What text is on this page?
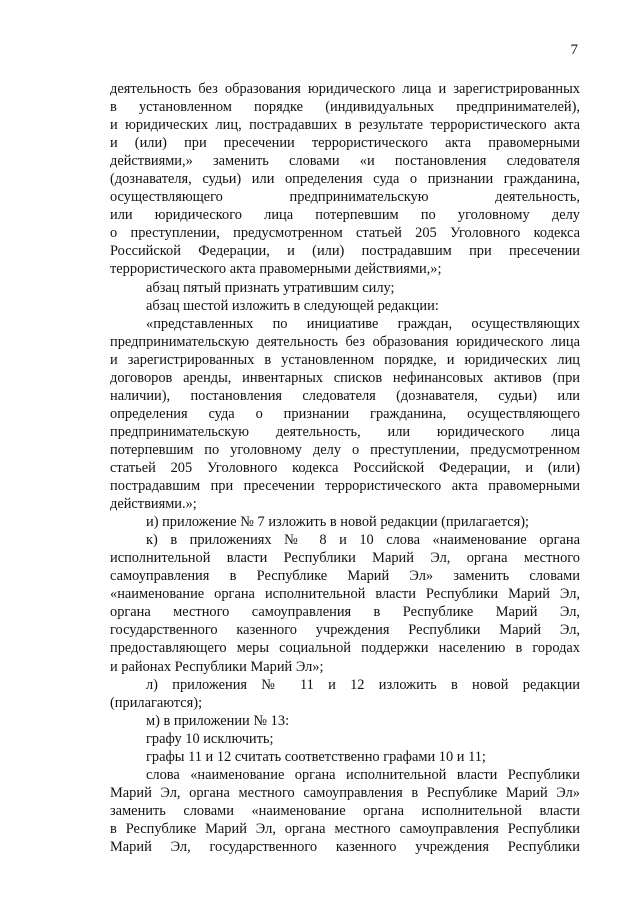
7
деятельность без образования юридического лица и зарегистрированных
в установленном порядке (индивидуальных предпринимателей),
и юридических лиц, пострадавших в результате террористического акта
и (или) при пресечении террористического акта правомерными
действиями,» заменить словами «и постановления следователя
(дознавателя, судьи) или определения суда о признании гражданина,
осуществляющего предпринимательскую деятельность,
или юридического лица потерпевшим по уголовному делу
о преступлении, предусмотренном статьей 205 Уголовного кодекса
Российской Федерации, и (или) пострадавшим при пресечении
террористического акта правомерными действиями,»;
абзац пятый признать утратившим силу;
абзац шестой изложить в следующей редакции:
«представленных по инициативе граждан, осуществляющих
предпринимательскую деятельность без образования юридического лица
и зарегистрированных в установленном порядке, и юридических лиц
договоров аренды, инвентарных списков нефинансовых активов (при
наличии), постановления следователя (дознавателя, судьи) или
определения суда о признании гражданина, осуществляющего
предпринимательскую деятельность, или юридического лица
потерпевшим по уголовному делу о преступлении, предусмотренном
статьей 205 Уголовного кодекса Российской Федерации, и (или)
пострадавшим при пресечении террористического акта правомерными
действиями.»;
и) приложение № 7 изложить в новой редакции (прилагается);
к) в приложениях № 8 и 10 слова «наименование органа
исполнительной власти Республики Марий Эл, органа местного
самоуправления в Республике Марий Эл» заменить словами
«наименование органа исполнительной власти Республики Марий Эл,
органа местного самоуправления в Республике Марий Эл,
государственного казенного учреждения Республики Марий Эл,
предоставляющего меры социальной поддержки населению в городах
и районах Республики Марий Эл»;
л) приложения № 11 и 12 изложить в новой редакции
(прилагаются);
м) в приложении № 13:
графу 10 исключить;
графы 11 и 12 считать соответственно графами 10 и 11;
слова «наименование органа исполнительной власти Республики
Марий Эл, органа местного самоуправления в Республике Марий Эл»
заменить словами «наименование органа исполнительной власти
в Республике Марий Эл, органа местного самоуправления Республики
Марий Эл, государственного казенного учреждения Республики
